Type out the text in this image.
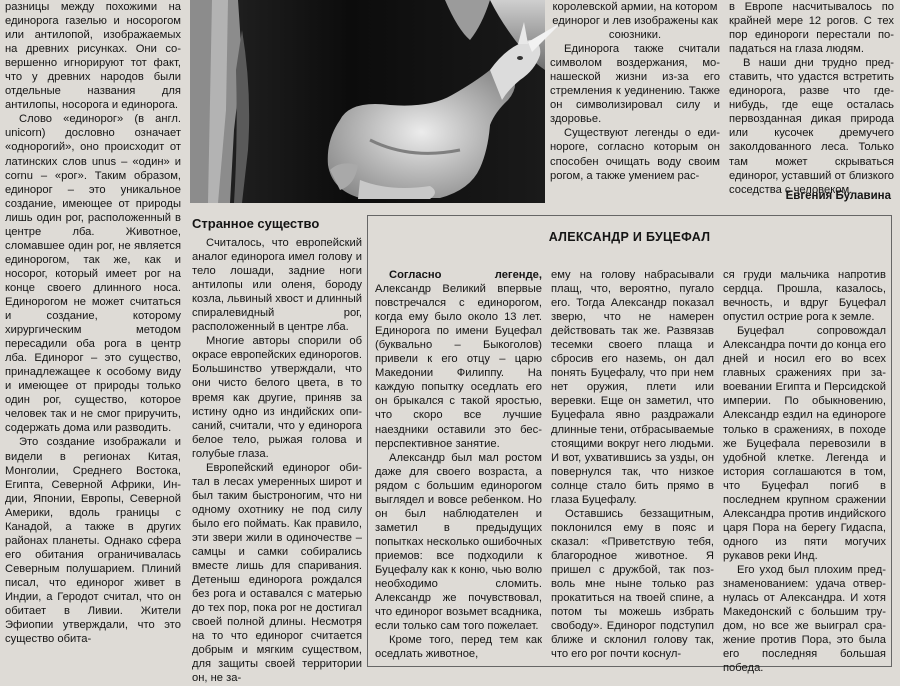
разницы между похожими на единорога газелью и носорогом или антилопой, изображаемых на древних рисунках. Они совершенно игнорируют тот факт, что у древних народов были отдельные названия для антилопы, носорога и единорога.

Слово «единорог» (в англ. unicorn) дословно означает «однорогий», оно происходит от латинских слов unus – «один» и cornu – «рог». Таким образом, единорог – это уникальное создание, имеющее от природы лишь один рог, расположенный в центре лба. Животное, сломавшее один рог, не является единорогом, так же, как и носорог, который имеет рог на конце своего длинного носа. Единорогом не может считаться и создание, которому хирургическим методом пересадили оба рога в центр лба. Единорог – это существо, принадлежащее к особому виду и имеющее от природы только один рог, существо, которое человек так и не смог приручить, содержать дома или разводить.

Это создание изображали и видели в регионах Китая, Монголии, Среднего Востока, Египта, Северной Африки, Индии, Японии, Европы, Северной Америки, вдоль границы с Канадой, а также в других районах планеты. Однако сфера его обитания ограничивалась Северным полушарием. Плиний писал, что единорог живет в Индии, а Геродот считал, что он обитает в Ливии. Жители Эфиопии утверждали, что это существо обита-

королевской армии, на котором единорог и лев изображены как союзники.

Единорога также считали символом воздержания, монашеской жизни из-за его стремления к уединению. Также он символизировал силу и здоровье.

Существуют легенды о единороге, согласно которым он способен очищать воду своим рогом, а также умением рас-

в Европе насчитывалось по крайней мере 12 рогов. С тех пор единороги перестали попадаться на глаза людям.

В наши дни трудно представить, что удастся встретить единорога, разве что где-нибудь, где еще осталась первозданная дикая природа или кусочек дремучего заколдованного леса. Только там может скрываться единорог, уставший от близкого соседства с человеком.

Евгения Булавина
Странное существо

Считалось, что европейский аналог единорога имел голову и тело лошади, задние ноги антилопы или оленя, бороду козла, львиный хвост и длинный спиралевидный рог, расположенный в центре лба.

Многие авторы спорили об окрасе европейских единорогов. Большинство утверждали, что они чисто белого цвета, в то время как другие, приняв за истину одно из индийских описаний, считали, что у единорога белое тело, рыжая голова и голубые глаза.

Европейский единорог обитал в лесах умеренных широт и был таким быстроногим, что ни одному охотнику не под силу было его поймать. Как правило, эти звери жили в одиночестве – самцы и самки собирались вместе лишь для спаривания. Детеныш единорога рождался без рога и оставался с матерью до тех пор, пока рог не достигал своей полной длины. Несмотря на то что единорог считается добрым и мягким существом, для защиты своей территории он, не за-

АЛЕКСАНДР И БУЦЕФАЛ

Согласно легенде, Александр Великий впервые повстречался с единорогом, когда ему было около 13 лет. Единорога по имени Буцефал (буквально – Быкоголов) привели к его отцу – царю Македонии Филиппу. На каждую попытку оседлать его он брыкался с такой яростью, что скоро все лучшие наездники оставили это бесперспективное занятие.

Александр был мал ростом даже для своего возраста, а рядом с большим единорогом выглядел и вовсе ребенком. Но он был наблюдателен и заметил в предыдущих попытках несколько ошибочных приемов: все подходили к Буцефалу как к коню, чью волю необходимо сломить. Александр же почувствовал, что единорог возьмет всадника, если только сам того пожелает.

Кроме того, перед тем как оседлать животное,

ему на голову набрасывали плащ, что, вероятно, пугало его. Тогда Александр показал зверю, что не намерен действовать так же. Развязав тесемки своего плаща и сбросив его наземь, он дал понять Буцефалу, что при нем нет оружия, плети или веревки. Еще он заметил, что Буцефала явно раздражали длинные тени, отбрасываемые стоящими вокруг него людьми. И вот, ухватившись за узды, он повернулся так, что низкое солнце стало бить прямо в глаза Буцефалу.

Оставшись беззащитным, поклонился ему в пояс и сказал: «Приветствую тебя, благородное животное. Я пришел с дружбой, так позволь мне ныне только раз прокатиться на твоей спине, а потом ты можешь избрать свободу». Единорог подступил ближе и склонил голову так, что его рог почти коснул-

ся груди мальчика напротив сердца. Прошла, казалось, вечность, и вдруг Буцефал опустил острие рога к земле.

Буцефал сопровождал Александра почти до конца его дней и носил его во всех главных сражениях при завоевании Египта и Персидской империи. По обыкновению, Александр ездил на единороге только в сражениях, в походе же Буцефала перевозили в удобной клетке. Легенда и история соглашаются в том, что Буцефал погиб в последнем крупном сражении Александра против индийского царя Пора на берегу Гидаспа, одного из пяти могучих рукавов реки Инд.

Его уход был плохим предзнаменованием: удача отвернулась от Александра. И хотя Македонский с большим трудом, но все же выиграл сражение против Пора, это была его последняя большая победа.
